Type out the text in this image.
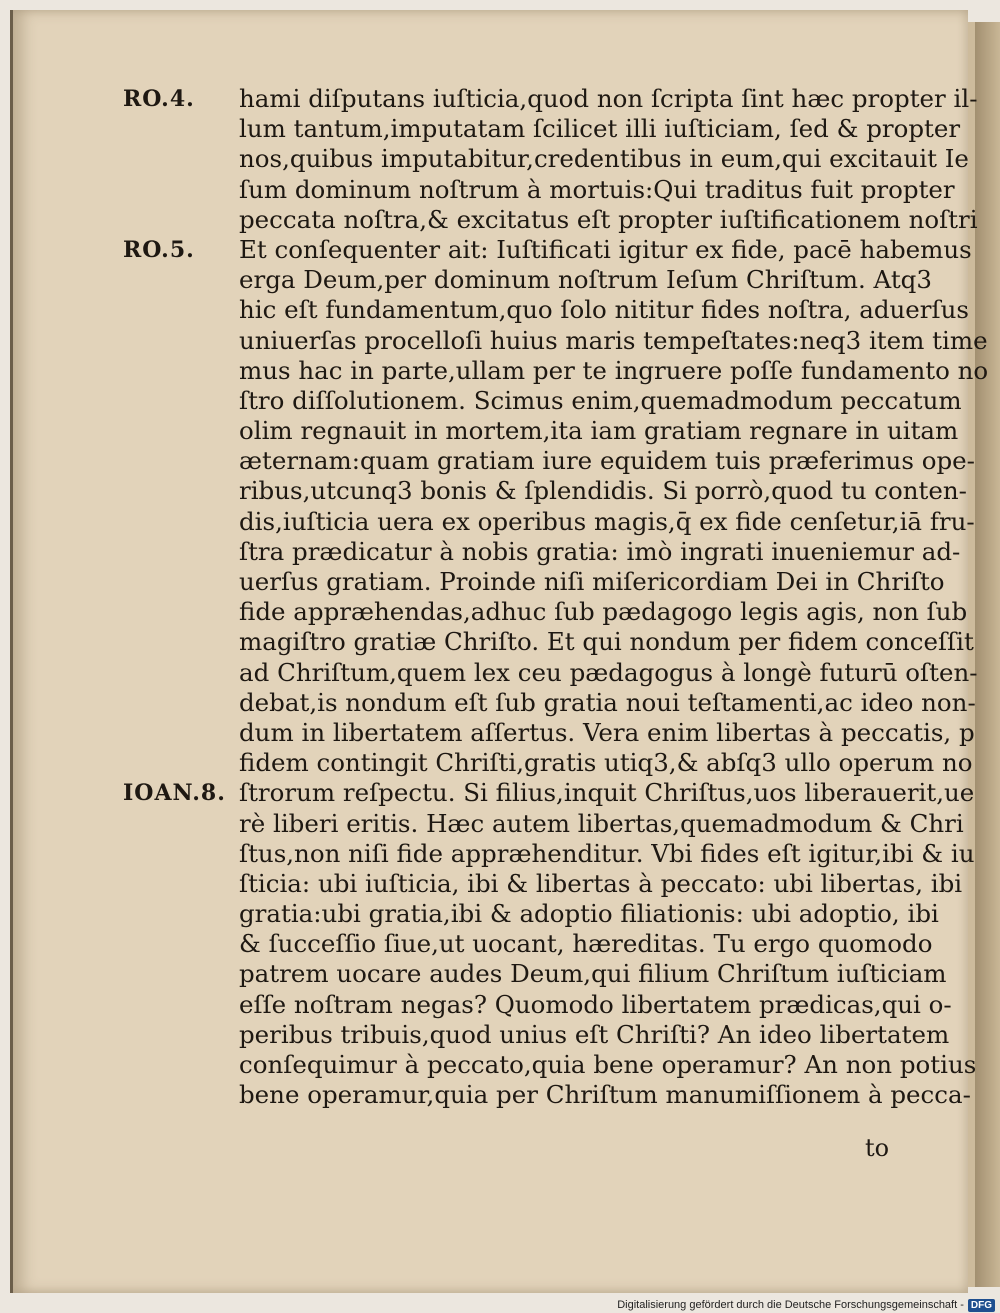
RO.4.	hami diſputans iuſticia,quod non ſcripta ſint hæc propter il-
lum tantum,imputatam ſcilicet illi iuſticiam, ſed & propter
nos,quibus imputabitur,credentibus in eum,qui excitauit Ie
ſum dominum noſtrum à mortuis:Qui traditus fuit propter
peccata noſtra,& excitatus eſt propter iuſtificationem noſtri
RO.5.	Et conſequenter ait: Iuſtificati igitur ex fide, pacē habemus
erga Deum,per dominum noſtrum Ieſum Chriſtum. Atq3
hic eſt fundamentum,quo ſolo nititur fides noſtra, aduerſus
uniuerſas procelloſi huius maris tempeſtates:neq3 item time
mus hac in parte,ullam per te ingruere poſſe fundamento no
ſtro diſſolutionem. Scimus enim,quemadmodum peccatum
olim regnauit in mortem,ita iam gratiam regnare in uitam
æternam:quam gratiam iure equidem tuis præferimus ope-
ribus,utcunq3 bonis & ſplendidis. Si porrò,quod tu conten-
dis,iuſticia uera ex operibus magis,q̄ ex fide cenſetur,iā fru-
ſtra prædicatur à nobis gratia: imò ingrati inueniemur ad-
uerſus gratiam. Proinde niſi miſericordiam Dei in Chriſto
fide appræhendas,adhuc ſub pædagogo legis agis, non ſub
magiſtro gratiæ Chriſto. Et qui nondum per fidem conceſſit
ad Chriſtum,quem lex ceu pædagogus à longè futurū oſten-
debat,is nondum eſt ſub gratia noui teſtamenti,ac ideo non-
dum in libertatem aſſertus. Vera enim libertas à peccatis, p
fidem contingit Chriſti,gratis utiq3,& abſq3 ullo operum no
IOAN.8. ſtrorum reſpectu. Si filius,inquit Chriſtus,uos liberauerit,ue
rè liberi eritis. Hæc autem libertas,quemadmodum & Chri
ſtus,non niſi fide appræhenditur. Vbi fides eſt igitur,ibi & iu
ſticia: ubi iuſticia, ibi & libertas à peccato: ubi libertas, ibi
gratia:ubi gratia,ibi & adoptio filiationis: ubi adoptio, ibi
& ſucceſſio ſiue,ut uocant, hæreditas. Tu ergo quomodo
patrem uocare audes Deum,qui filium Chriſtum iuſticiam
eſſe noſtram negas? Quomodo libertatem prædicas,qui o-
peribus tribuis,quod unius eſt Chriſti? An ideo libertatem
conſequimur à peccato,quia bene operamur? An non potius
bene operamur,quia per Chriſtum manumiſſionem à pecca-
to
Digitalisierung gefördert durch die Deutsche Forschungsgemeinschaft - DFG
